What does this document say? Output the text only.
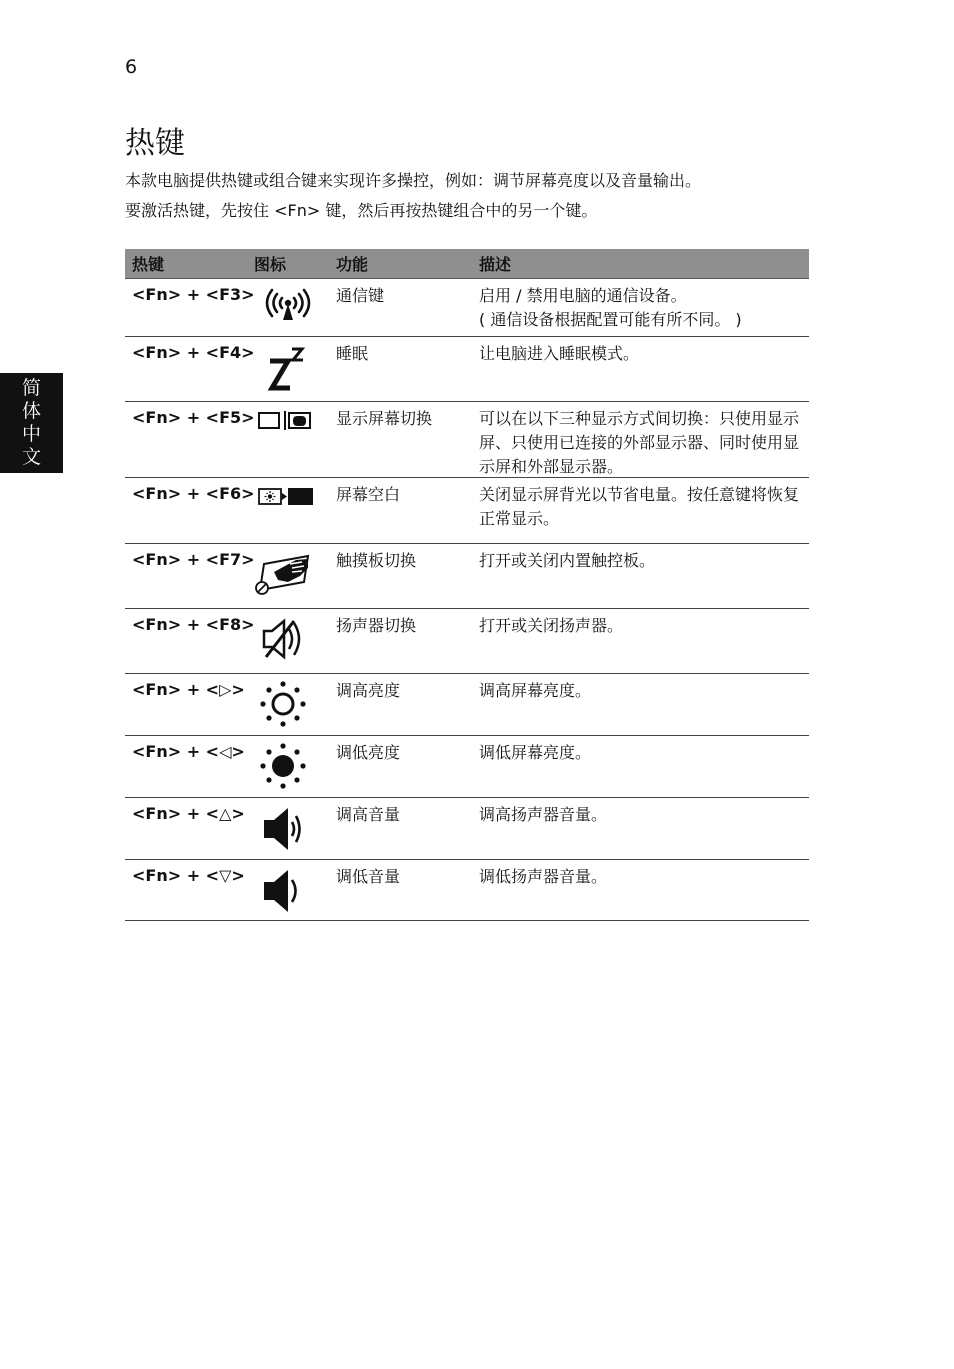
6
简
体
中
文
热键

本款电脑提供热键或组合键来实现许多操控，例如：调节屏幕亮度以及音量输出。

要激活热键，先按住 <Fn> 键，然后再按热键组合中的另一个键。

热键	图标	功能	描述
<Fn> + <F3>	通信键	启用 / 禁用电脑的通信设备。
( 通信设备根据配置可能有所不同。 )
<Fn> + <F4>	睡眠	让电脑进入睡眠模式。
<Fn> + <F5>	显示屏幕切换	可以在以下三种显示方式间切换：只使用显示屏、只使用已连接的外部显示器、同时使用显示屏和外部显示器。
<Fn> + <F6>	屏幕空白	关闭显示屏背光以节省电量。按任意键将恢复正常显示。
<Fn> + <F7>	触摸板切换	打开或关闭内置触控板。
<Fn> + <F8>	扬声器切换	打开或关闭扬声器。
<Fn> + <▷>	调高亮度	调高屏幕亮度。
<Fn> + <◁>	调低亮度	调低屏幕亮度。
<Fn> + <△>	调高音量	调高扬声器音量。
<Fn> + <▽>	调低音量	调低扬声器音量。
